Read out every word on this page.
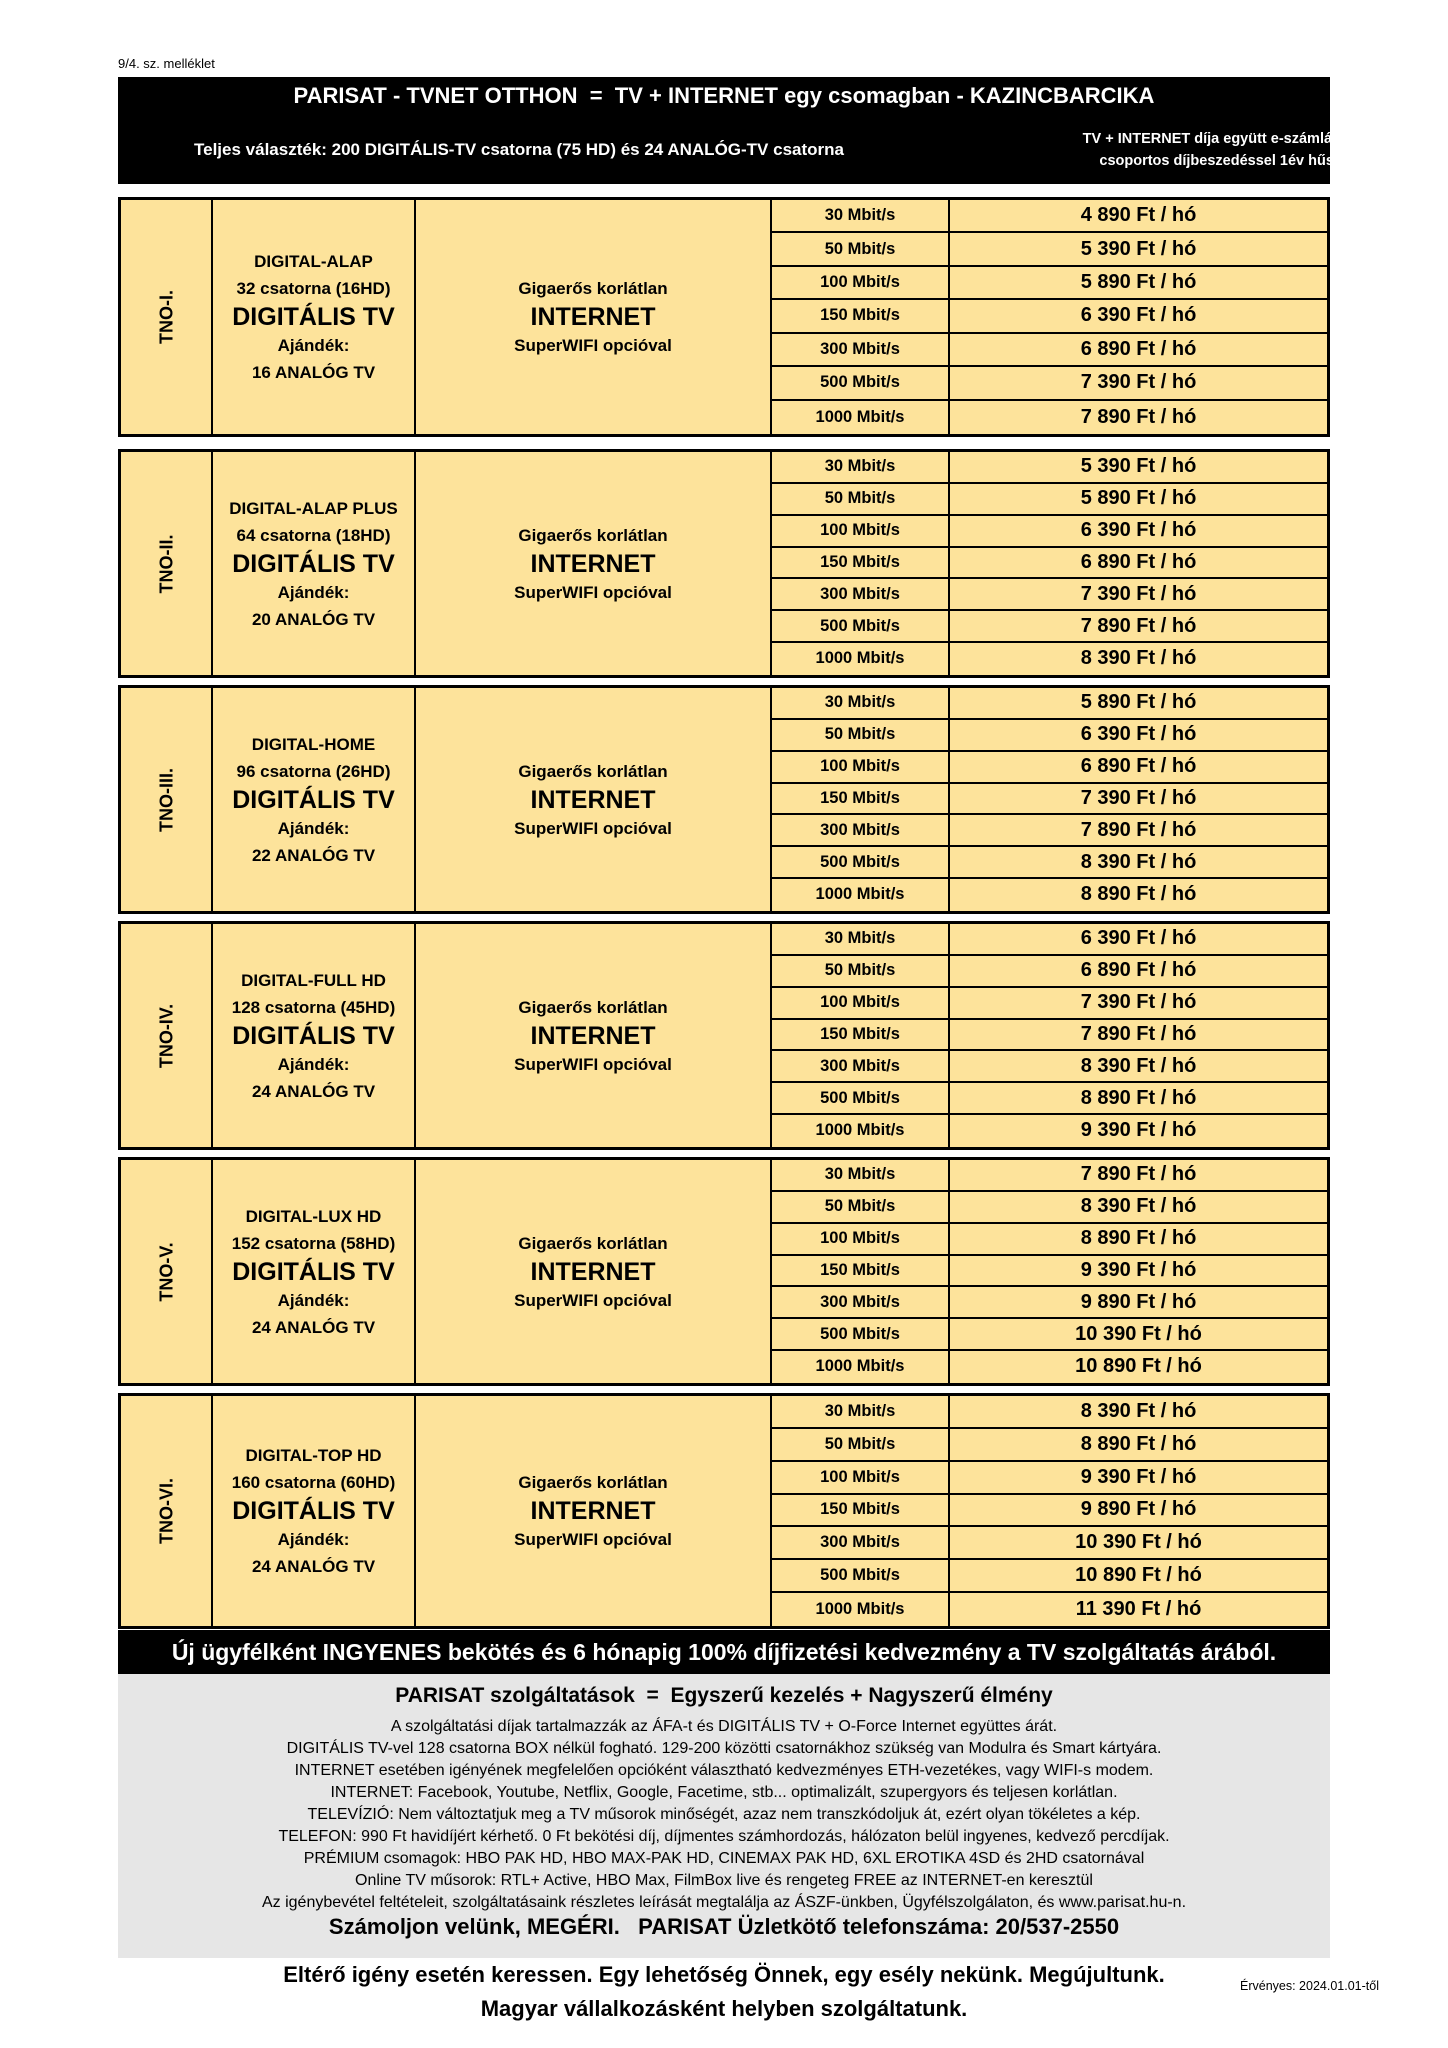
9/4. sz. melléklet
PARISAT - TVNET OTTHON  =  TV + INTERNET egy csomagban - KAZINCBARCIKA
Teljes választék: 200 DIGITÁLIS-TV csatorna (75 HD) és 24 ANALÓG-TV csatorna
TV + INTERNET díja együtt e-számlával, vagy
csoportos díjbeszedéssel 1év hűséggel:
TNO-I.
DIGITAL-ALAP
32 csatorna (16HD)
DIGITÁLIS TV
Ajándék:
16 ANALÓG TV
Gigaerős korlátlan
INTERNET
SuperWIFI opcióval
30 Mbit/s	4 890 Ft / hó
50 Mbit/s	5 390 Ft / hó
100 Mbit/s	5 890 Ft / hó
150 Mbit/s	6 390 Ft / hó
300 Mbit/s	6 890 Ft / hó
500 Mbit/s	7 390 Ft / hó
1000 Mbit/s	7 890 Ft / hó
TNO-II.
DIGITAL-ALAP PLUS
64 csatorna (18HD)
DIGITÁLIS TV
Ajándék:
20 ANALÓG TV
Gigaerős korlátlan
INTERNET
SuperWIFI opcióval
30 Mbit/s	5 390 Ft / hó
50 Mbit/s	5 890 Ft / hó
100 Mbit/s	6 390 Ft / hó
150 Mbit/s	6 890 Ft / hó
300 Mbit/s	7 390 Ft / hó
500 Mbit/s	7 890 Ft / hó
1000 Mbit/s	8 390 Ft / hó
TNO-III.
DIGITAL-HOME
96 csatorna (26HD)
DIGITÁLIS TV
Ajándék:
22 ANALÓG TV
Gigaerős korlátlan
INTERNET
SuperWIFI opcióval
30 Mbit/s	5 890 Ft / hó
50 Mbit/s	6 390 Ft / hó
100 Mbit/s	6 890 Ft / hó
150 Mbit/s	7 390 Ft / hó
300 Mbit/s	7 890 Ft / hó
500 Mbit/s	8 390 Ft / hó
1000 Mbit/s	8 890 Ft / hó
TNO-IV.
DIGITAL-FULL HD
128 csatorna (45HD)
DIGITÁLIS TV
Ajándék:
24 ANALÓG TV
Gigaerős korlátlan
INTERNET
SuperWIFI opcióval
30 Mbit/s	6 390 Ft / hó
50 Mbit/s	6 890 Ft / hó
100 Mbit/s	7 390 Ft / hó
150 Mbit/s	7 890 Ft / hó
300 Mbit/s	8 390 Ft / hó
500 Mbit/s	8 890 Ft / hó
1000 Mbit/s	9 390 Ft / hó
TNO-V.
DIGITAL-LUX HD
152 csatorna (58HD)
DIGITÁLIS TV
Ajándék:
24 ANALÓG TV
Gigaerős korlátlan
INTERNET
SuperWIFI opcióval
30 Mbit/s	7 890 Ft / hó
50 Mbit/s	8 390 Ft / hó
100 Mbit/s	8 890 Ft / hó
150 Mbit/s	9 390 Ft / hó
300 Mbit/s	9 890 Ft / hó
500 Mbit/s	10 390 Ft / hó
1000 Mbit/s	10 890 Ft / hó
TNO-VI.
DIGITAL-TOP HD
160 csatorna (60HD)
DIGITÁLIS TV
Ajándék:
24 ANALÓG TV
Gigaerős korlátlan
INTERNET
SuperWIFI opcióval
30 Mbit/s	8 390 Ft / hó
50 Mbit/s	8 890 Ft / hó
100 Mbit/s	9 390 Ft / hó
150 Mbit/s	9 890 Ft / hó
300 Mbit/s	10 390 Ft / hó
500 Mbit/s	10 890 Ft / hó
1000 Mbit/s	11 390 Ft / hó
Új ügyfélként INGYENES bekötés és 6 hónapig 100% díjfizetési kedvezmény a TV szolgáltatás árából.
PARISAT szolgáltatások  =  Egyszerű kezelés + Nagyszerű élmény
A szolgáltatási díjak tartalmazzák az ÁFA-t és DIGITÁLIS TV + O-Force Internet együttes árát.
DIGITÁLIS TV-vel 128 csatorna BOX nélkül fogható. 129-200 közötti csatornákhoz szükség van Modulra és Smart kártyára.
INTERNET esetében igényének megfelelően opcióként választható kedvezményes ETH-vezetékes, vagy WIFI-s modem.
INTERNET: Facebook, Youtube, Netflix, Google, Facetime, stb... optimalizált, szupergyors és teljesen korlátlan.
TELEVÍZIÓ: Nem változtatjuk meg a TV műsorok minőségét, azaz nem transzkódoljuk át, ezért olyan tökéletes a kép.
TELEFON: 990 Ft havidíjért kérhető. 0 Ft bekötési díj, díjmentes számhordozás, hálózaton belül ingyenes, kedvező percdíjak.
PRÉMIUM csomagok: HBO PAK HD, HBO MAX-PAK HD, CINEMAX PAK HD, 6XL EROTIKA 4SD és 2HD csatornával
Online TV műsorok: RTL+ Active, HBO Max, FilmBox live és rengeteg FREE az INTERNET-en keresztül
Az igénybevétel feltételeit, szolgáltatásaink részletes leírását megtalálja az ÁSZF-ünkben, Ügyfélszolgálaton, és www.parisat.hu-n.
Számoljon velünk, MEGÉRI.   PARISAT Üzletkötő telefonszáma: 20/537-2550
Eltérő igény esetén keressen. Egy lehetőség Önnek, egy esély nekünk. Megújultunk.
Magyar vállalkozásként helyben szolgáltatunk.
Érvényes: 2024.01.01-től
